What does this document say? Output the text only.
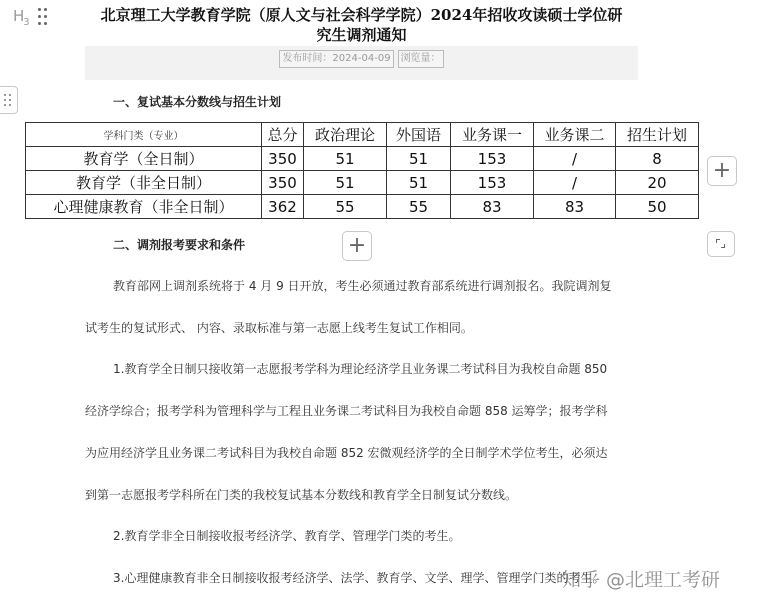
$H_3$	北京理工大学教育学院（原人文与社会科学学院）2024年招收攻读硕士学位研
究生调剂通知
发布时间：2024-04-09 浏览量：
一、复试基本分数线与招生计划
学科门类（专业）	总分	政治理论	外国语	业务课一	业务课二	招生计划
教育学（全日制）	350	51	51	153	/	8
教育学（非全日制）	350	51	51	153	/	20
心理健康教育（非全日制）	362	55	55	83	83	50
+
+
二、调剂报考要求和条件
教育部网上调剂系统将于 4 月 9 日开放，考生必须通过教育部系统进行调剂报名。我院调剂复
试考生的复试形式、 内容、录取标准与第一志愿上线考生复试工作相同。
1.教育学全日制只接收第一志愿报考学科为理论经济学且业务课二考试科目为我校自命题 850
经济学综合；报考学科为管理科学与工程且业务课二考试科目为我校自命题 858 运筹学；报考学科
为应用经济学且业务课二考试科目为我校自命题 852 宏微观经济学的全日制学术学位考生，必须达
到第一志愿报考学科所在门类的我校复试基本分数线和教育学全日制复试分数线。
2.教育学非全日制接收报考经济学、教育学、管理学门类的考生。
3.心理健康教育非全日制接收报考经济学、法学、教育学、文学、理学、管理学门类的考生。
知乎 @北理工考研
